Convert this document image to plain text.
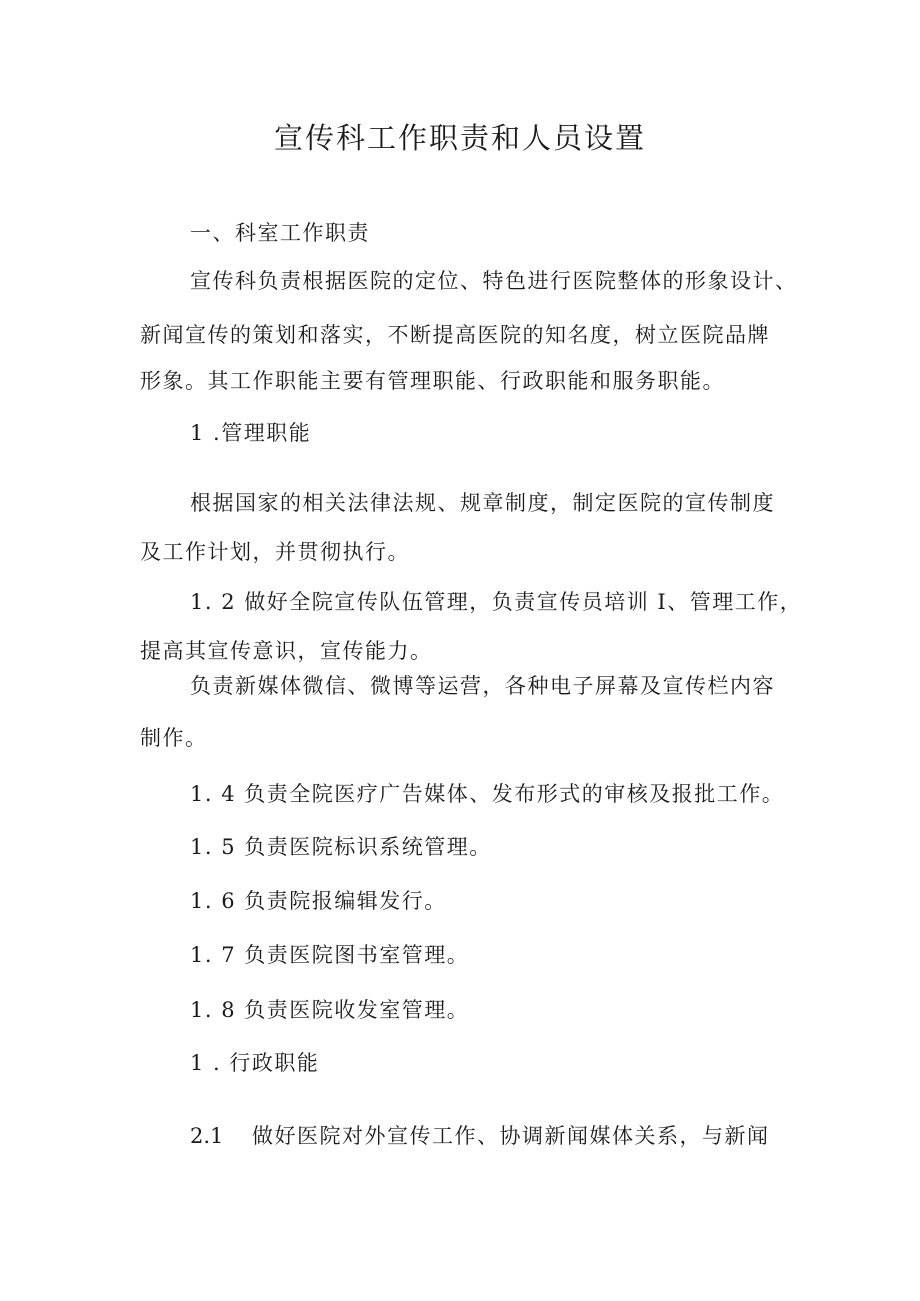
宣传科工作职责和人员设置
一、科室工作职责
宣传科负责根据医院的定位、特色进行医院整体的形象设计、
新闻宣传的策划和落实，不断提高医院的知名度，树立医院品牌
形象。其工作职能主要有管理职能、行政职能和服务职能。
1 .管理职能
根据国家的相关法律法规、规章制度，制定医院的宣传制度
及工作计划，并贯彻执行。
1. 2 做好全院宣传队伍管理，负责宣传员培训 I、管理工作，
提高其宣传意识，宣传能力。
负责新媒体微信、微博等运营，各种电子屏幕及宣传栏内容
制作。
1. 4 负责全院医疗广告媒体、发布形式的审核及报批工作。
1. 5 负责医院标识系统管理。
1. 6 负责院报编辑发行。
1. 7 负责医院图书室管理。
1. 8 负责医院收发室管理。
1 . 行政职能
2.1 做好医院对外宣传工作、协调新闻媒体关系，与新闻
